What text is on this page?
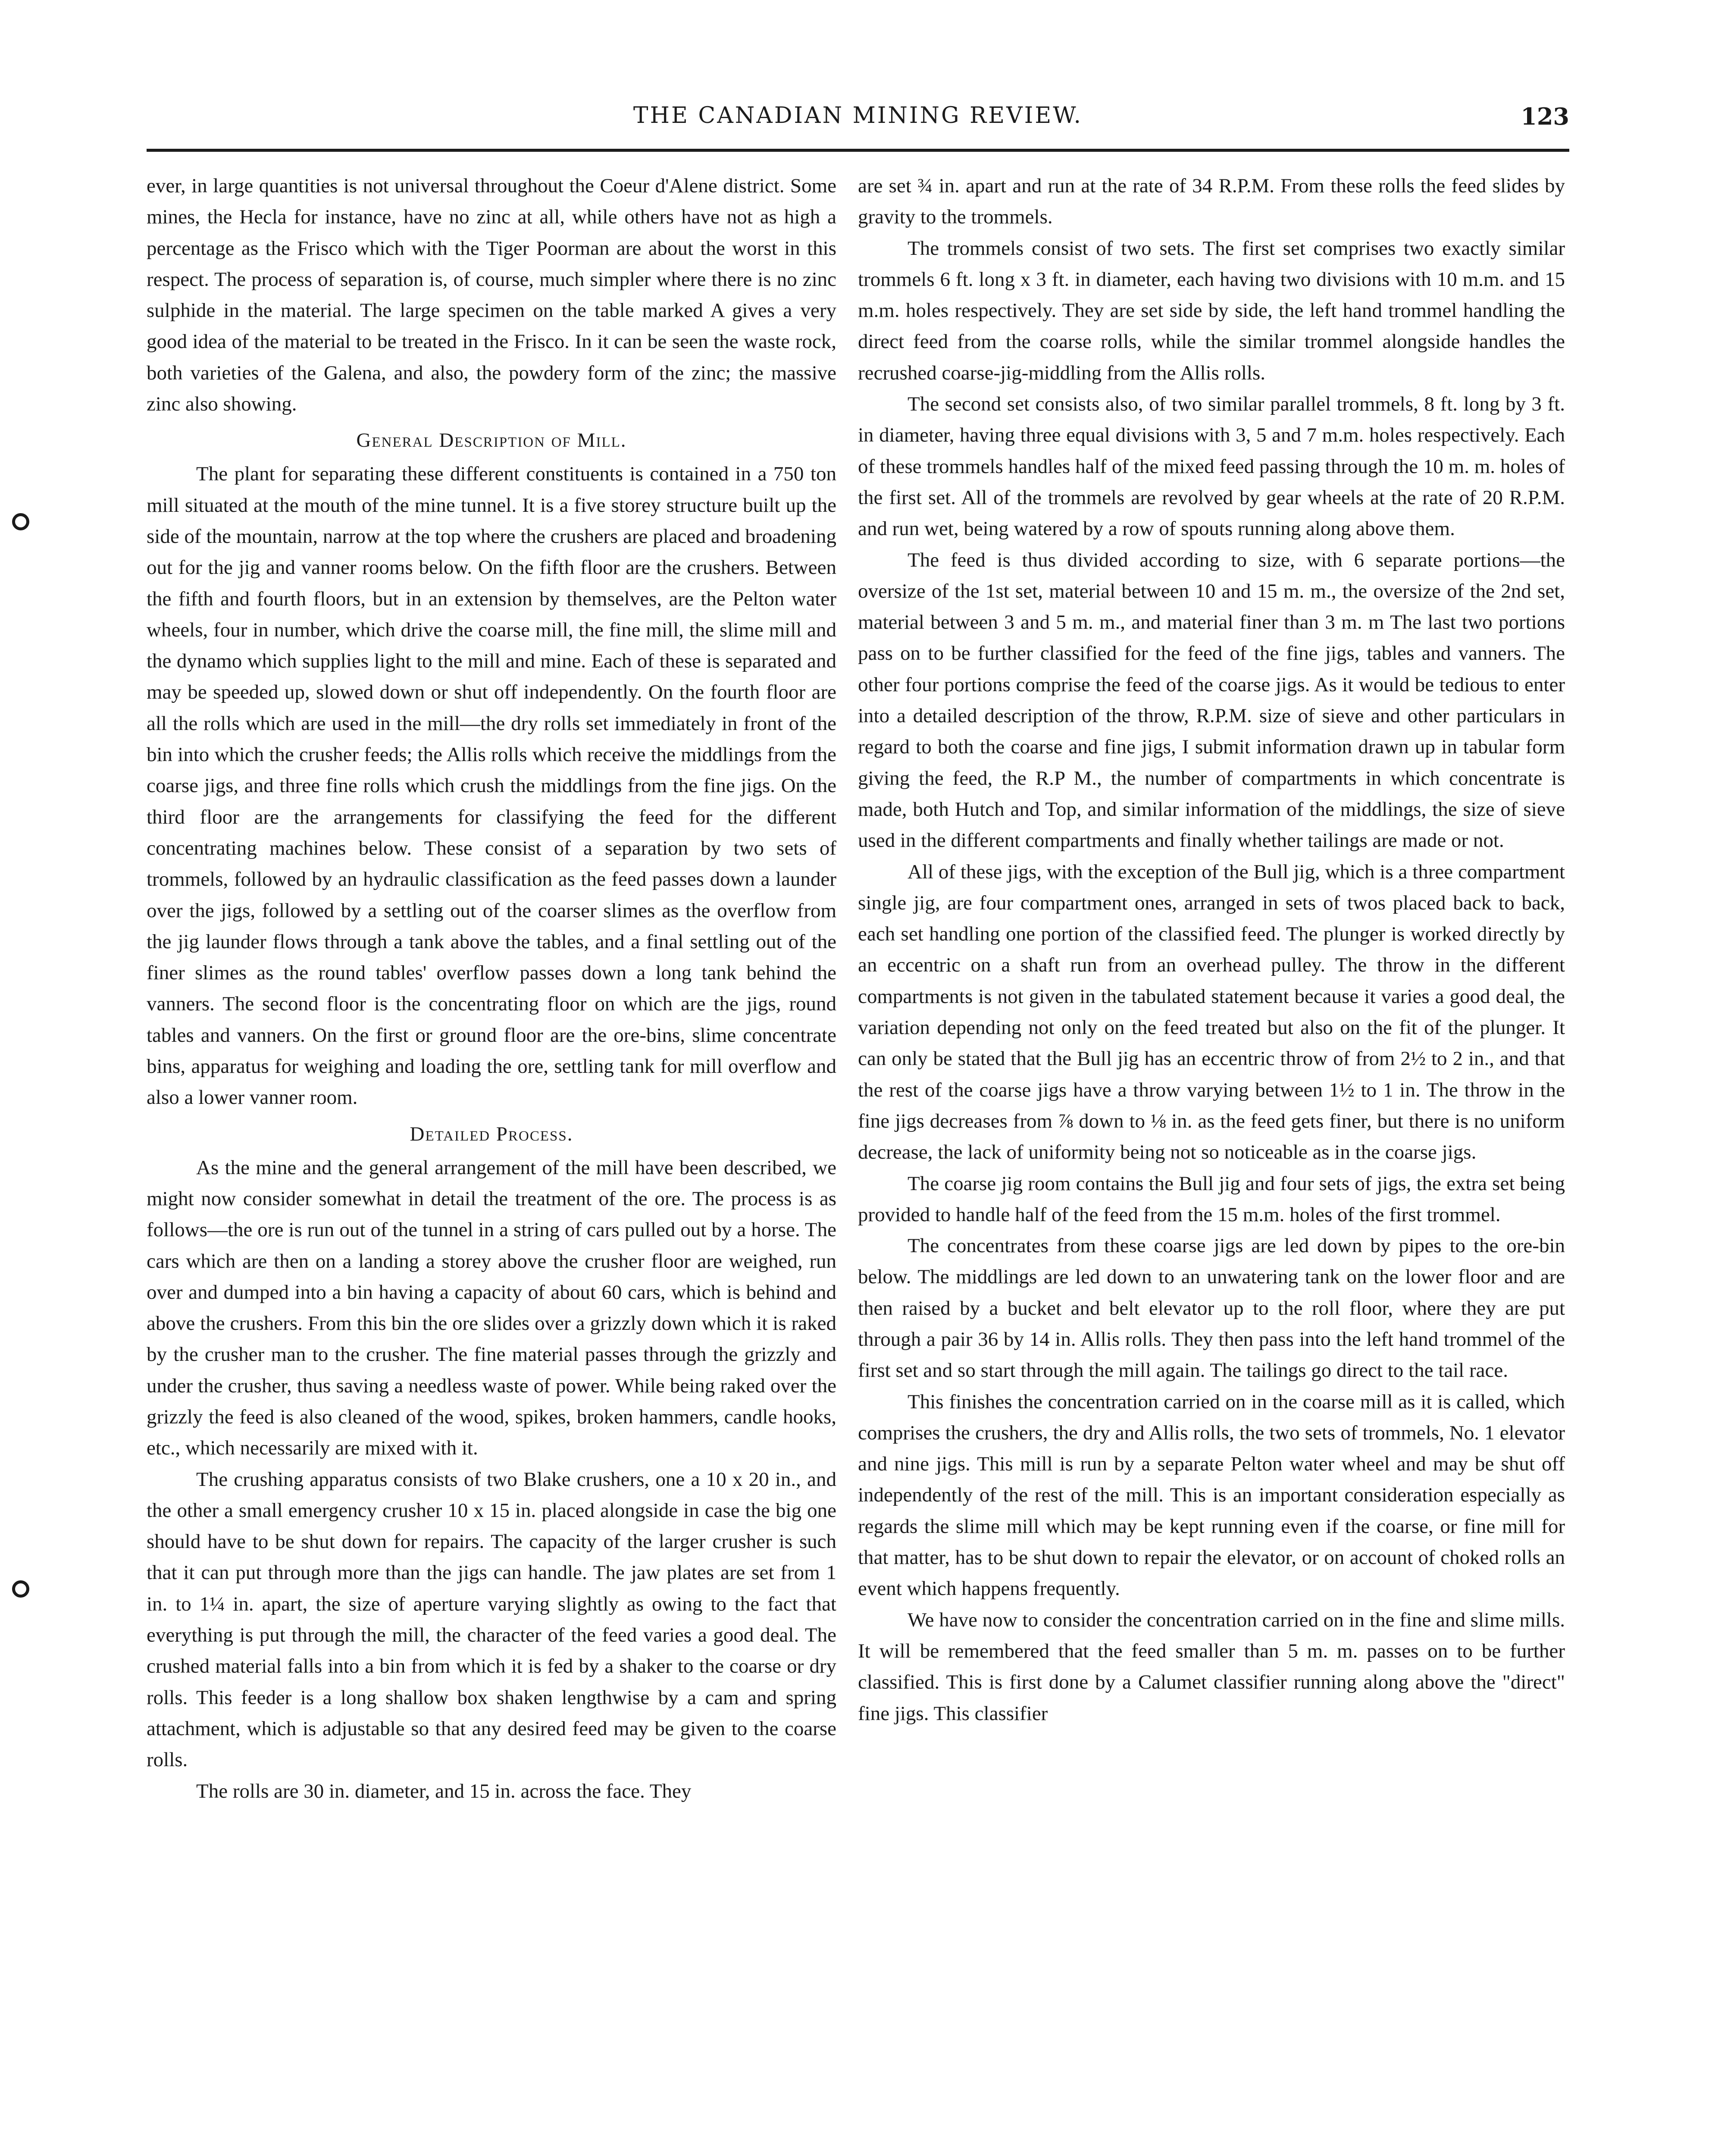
THE CANADIAN MINING REVIEW.	123

ever, in large quantities is not universal throughout the Coeur d'Alene district. Some mines, the Hecla for instance, have no zinc at all, while others have not as high a percentage as the Frisco which with the Tiger Poorman are about the worst in this respect. The process of separation is, of course, much simpler where there is no zinc sulphide in the material. The large specimen on the table marked A gives a very good idea of the material to be treated in the Frisco. In it can be seen the waste rock, both varieties of the Galena, and also, the powdery form of the zinc; the massive zinc also showing.

General Description of Mill.

The plant for separating these different constituents is contained in a 750 ton mill situated at the mouth of the mine tunnel. It is a five storey structure built up the side of the mountain, narrow at the top where the crushers are placed and broadening out for the jig and vanner rooms below. On the fifth floor are the crushers. Between the fifth and fourth floors, but in an extension by themselves, are the Pelton water wheels, four in number, which drive the coarse mill, the fine mill, the slime mill and the dynamo which supplies light to the mill and mine. Each of these is separated and may be speeded up, slowed down or shut off independently. On the fourth floor are all the rolls which are used in the mill—the dry rolls set immediately in front of the bin into which the crusher feeds; the Allis rolls which receive the middlings from the coarse jigs, and three fine rolls which crush the middlings from the fine jigs. On the third floor are the arrangements for classifying the feed for the different concentrating machines below. These consist of a separation by two sets of trommels, followed by an hydraulic classification as the feed passes down a launder over the jigs, followed by a settling out of the coarser slimes as the overflow from the jig launder flows through a tank above the tables, and a final settling out of the finer slimes as the round tables' overflow passes down a long tank behind the vanners. The second floor is the concentrating floor on which are the jigs, round tables and vanners. On the first or ground floor are the ore-bins, slime concentrate bins, apparatus for weighing and loading the ore, settling tank for mill overflow and also a lower vanner room.

Detailed Process.

As the mine and the general arrangement of the mill have been described, we might now consider somewhat in detail the treatment of the ore. The process is as follows—the ore is run out of the tunnel in a string of cars pulled out by a horse. The cars which are then on a landing a storey above the crusher floor are weighed, run over and dumped into a bin having a capacity of about 60 cars, which is behind and above the crushers. From this bin the ore slides over a grizzly down which it is raked by the crusher man to the crusher. The fine material passes through the grizzly and under the crusher, thus saving a needless waste of power. While being raked over the grizzly the feed is also cleaned of the wood, spikes, broken hammers, candle hooks, etc., which necessarily are mixed with it.

The crushing apparatus consists of two Blake crushers, one a 10 x 20 in., and the other a small emergency crusher 10 x 15 in. placed alongside in case the big one should have to be shut down for repairs. The capacity of the larger crusher is such that it can put through more than the jigs can handle. The jaw plates are set from 1 in. to 1¼ in. apart, the size of aperture varying slightly as owing to the fact that everything is put through the mill, the character of the feed varies a good deal. The crushed material falls into a bin from which it is fed by a shaker to the coarse or dry rolls. This feeder is a long shallow box shaken lengthwise by a cam and spring attachment, which is adjustable so that any desired feed may be given to the coarse rolls.

The rolls are 30 in. diameter, and 15 in. across the face. They

are set ¾ in. apart and run at the rate of 34 R.P.M. From these rolls the feed slides by gravity to the trommels.

The trommels consist of two sets. The first set comprises two exactly similar trommels 6 ft. long x 3 ft. in diameter, each having two divisions with 10 m.m. and 15 m.m. holes respectively. They are set side by side, the left hand trommel handling the direct feed from the coarse rolls, while the similar trommel alongside handles the recrushed coarse-jig-middling from the Allis rolls.

The second set consists also, of two similar parallel trommels, 8 ft. long by 3 ft. in diameter, having three equal divisions with 3, 5 and 7 m.m. holes respectively. Each of these trommels handles half of the mixed feed passing through the 10 m. m. holes of the first set. All of the trommels are revolved by gear wheels at the rate of 20 R.P.M. and run wet, being watered by a row of spouts running along above them.

The feed is thus divided according to size, with 6 separate portions—the oversize of the 1st set, material between 10 and 15 m. m., the oversize of the 2nd set, material between 3 and 5 m. m., and material finer than 3 m. m The last two portions pass on to be further classified for the feed of the fine jigs, tables and vanners. The other four portions comprise the feed of the coarse jigs. As it would be tedious to enter into a detailed description of the throw, R.P.M. size of sieve and other particulars in regard to both the coarse and fine jigs, I submit information drawn up in tabular form giving the feed, the R.P M., the number of compartments in which concentrate is made, both Hutch and Top, and similar information of the middlings, the size of sieve used in the different compartments and finally whether tailings are made or not.

All of these jigs, with the exception of the Bull jig, which is a three compartment single jig, are four compartment ones, arranged in sets of twos placed back to back, each set handling one portion of the classified feed. The plunger is worked directly by an eccentric on a shaft run from an overhead pulley. The throw in the different compartments is not given in the tabulated statement because it varies a good deal, the variation depending not only on the feed treated but also on the fit of the plunger. It can only be stated that the Bull jig has an eccentric throw of from 2½ to 2 in., and that the rest of the coarse jigs have a throw varying between 1½ to 1 in. The throw in the fine jigs decreases from ⅞ down to ⅛ in. as the feed gets finer, but there is no uniform decrease, the lack of uniformity being not so noticeable as in the coarse jigs.

The coarse jig room contains the Bull jig and four sets of jigs, the extra set being provided to handle half of the feed from the 15 m.m. holes of the first trommel.

The concentrates from these coarse jigs are led down by pipes to the ore-bin below. The middlings are led down to an unwatering tank on the lower floor and are then raised by a bucket and belt elevator up to the roll floor, where they are put through a pair 36 by 14 in. Allis rolls. They then pass into the left hand trommel of the first set and so start through the mill again. The tailings go direct to the tail race.

This finishes the concentration carried on in the coarse mill as it is called, which comprises the crushers, the dry and Allis rolls, the two sets of trommels, No. 1 elevator and nine jigs. This mill is run by a separate Pelton water wheel and may be shut off independently of the rest of the mill. This is an important consideration especially as regards the slime mill which may be kept running even if the coarse, or fine mill for that matter, has to be shut down to repair the elevator, or on account of choked rolls an event which happens frequently.

We have now to consider the concentration carried on in the fine and slime mills. It will be remembered that the feed smaller than 5 m. m. passes on to be further classified. This is first done by a Calumet classifier running along above the "direct" fine jigs. This classifier
